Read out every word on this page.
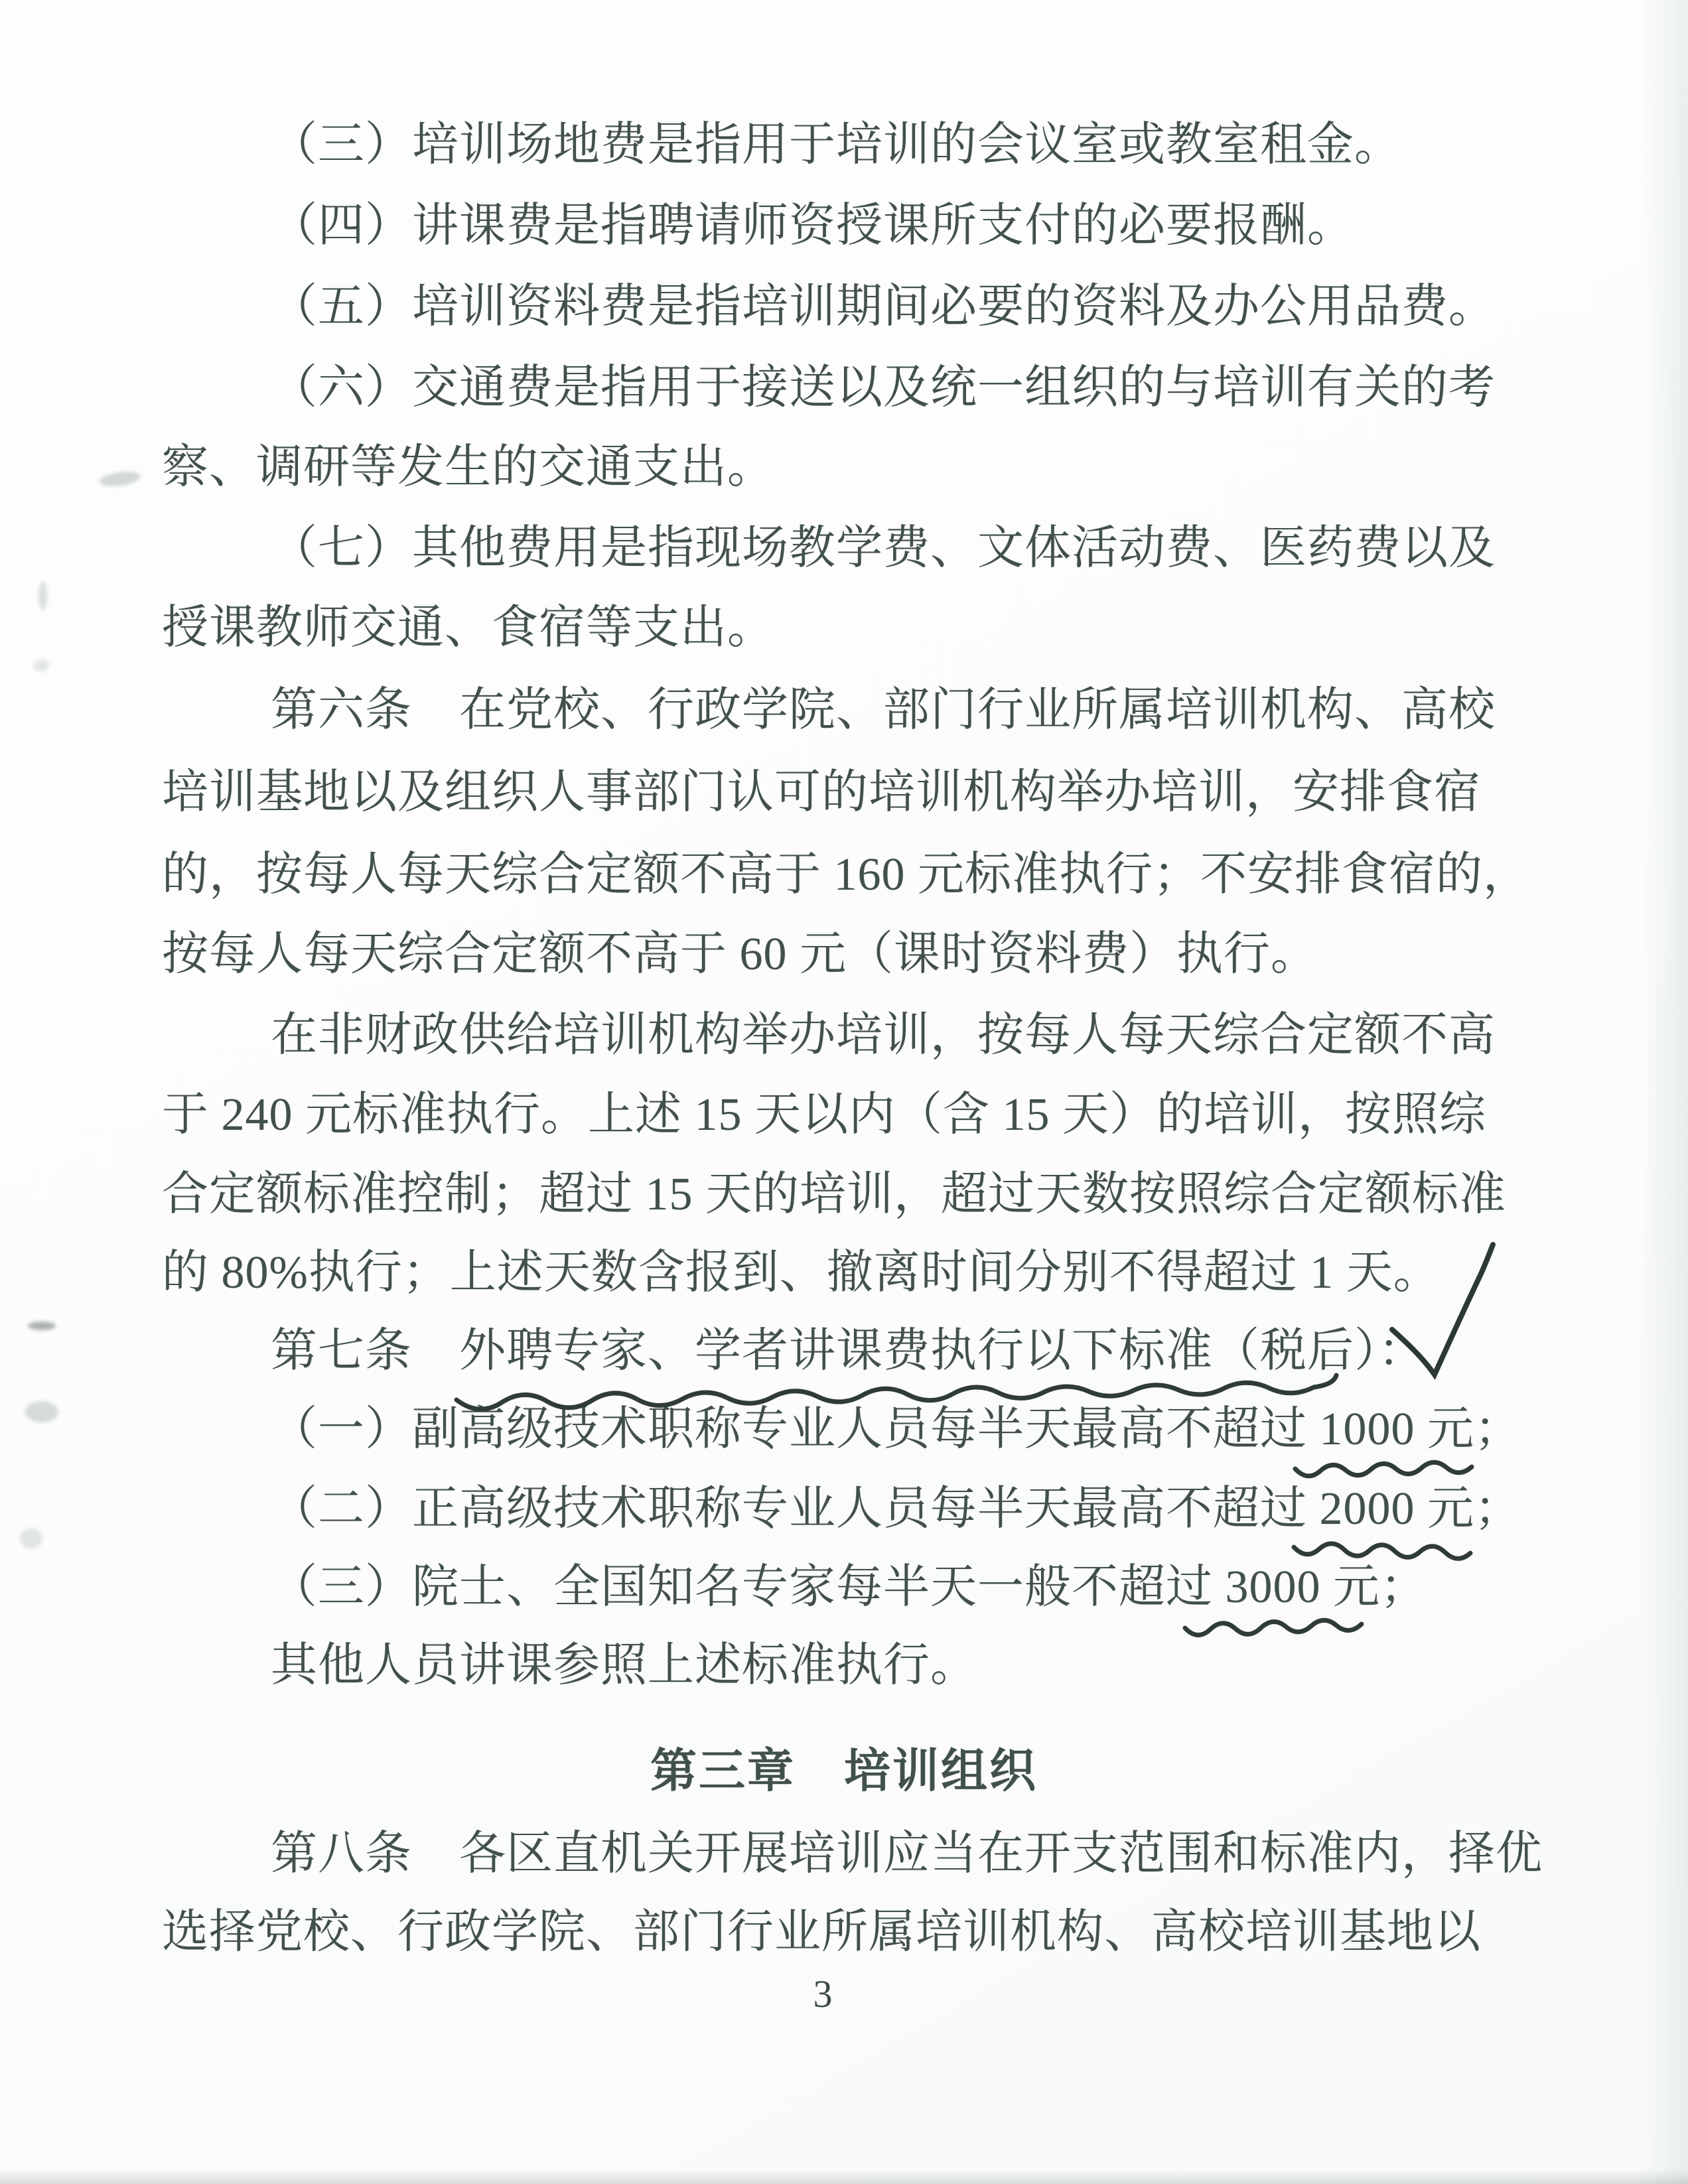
（三）培训场地费是指用于培训的会议室或教室租金。
（四）讲课费是指聘请师资授课所支付的必要报酬。
（五）培训资料费是指培训期间必要的资料及办公用品费。
（六）交通费是指用于接送以及统一组织的与培训有关的考
察、调研等发生的交通支出。
（七）其他费用是指现场教学费、文体活动费、医药费以及
授课教师交通、食宿等支出。
第六条　在党校、行政学院、部门行业所属培训机构、高校
培训基地以及组织人事部门认可的培训机构举办培训，安排食宿
的，按每人每天综合定额不高于 160 元标准执行；不安排食宿的，
按每人每天综合定额不高于 60 元（课时资料费）执行。
在非财政供给培训机构举办培训，按每人每天综合定额不高
于 240 元标准执行。上述 15 天以内（含 15 天）的培训，按照综
合定额标准控制；超过 15 天的培训，超过天数按照综合定额标准
的 80%执行；上述天数含报到、撤离时间分别不得超过 1 天。
第七条　外聘专家、学者讲课费执行以下标准（税后）：
（一）副高级技术职称专业人员每半天最高不超过 1000 元；
（二）正高级技术职称专业人员每半天最高不超过 2000 元；
（三）院士、全国知名专家每半天一般不超过 3000 元；
其他人员讲课参照上述标准执行。
第三章　培训组织
第八条　各区直机关开展培训应当在开支范围和标准内，择优
选择党校、行政学院、部门行业所属培训机构、高校培训基地以
3
